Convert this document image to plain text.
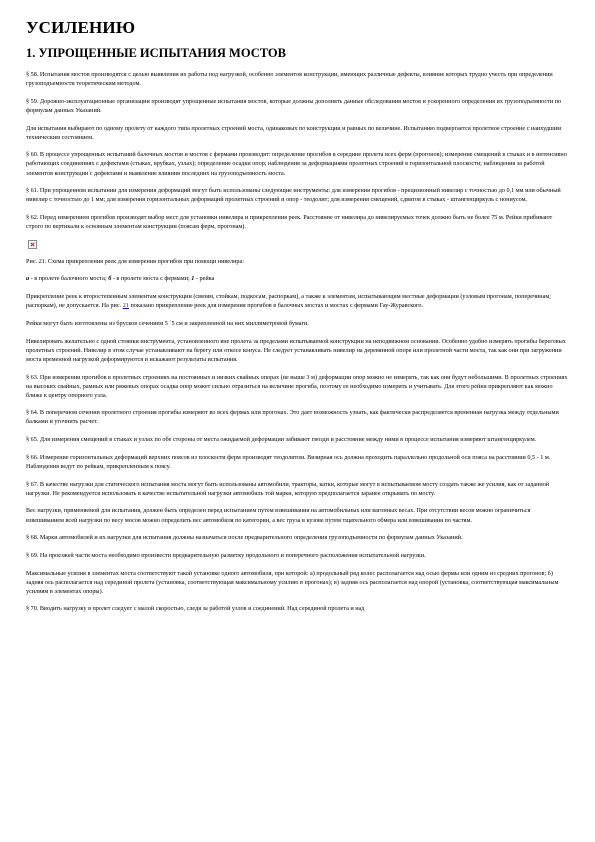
УСИЛЕНИЮ
1. УПРОЩЕННЫЕ ИСПЫТАНИЯ МОСТОВ

§ 58. Испытания мостов производятся с целью выявления их работы под нагрузкой, особенно элементов конструкции, имеющих различные дефекты, влияние которых трудно учесть при определении грузоподъемности теоретическим методом.

§ 59. Дорожно-эксплуатационные организации производят упрощенные испытания мостов, которые должны дополнять данные обследования мостов и ускоренного определения их грузоподъемности по формулам данных Указаний.

Для испытания выбирают по одному пролету от каждого типа пролетных строений моста, одинаковых по конструкции и равных по величине. Испытанию подвергается пролетное строение с наихудшим техническим состоянием.

§ 60. В процессе упрощенных испытаний балочных мостов и мостов с фермами производят: определение прогибов в середине пролета всех ферм (прогонов); измерение смещений в стыках и в интенсивно работающих соединениях с дефектами (стыках, врубках, узлах); определение осадки опор; наблюдения за деформациями пролетных строений в горизонтальной плоскости; наблюдения за работой элементов конструкции с дефектами и выявление влияния последних на грузоподъемность моста.

§ 61. При упрощенном испытании для измерения деформаций могут быть использованы следующие инструменты: для измерения прогибов - прецизионный нивелир с точностью до 0,1 мм или обычный нивелир с точностью до 1 мм; для измерения горизонтальных деформаций пролетных строений и опор - теодолит; для измерения смещений, сдвигов в стыках - штангенциркуль с нониусом.

§ 62. Перед измерением прогибов производят выбор мест для установки нивелира и прикрепления реек. Расстояние от нивелира до нивелируемых точек должно быть не более 75 м. Рейки прибивают строго по вертикали к основным элементам конструкции (поясам ферм, прогонам).

Рис. 21. Схема прикрепления реек для измерения прогибов при помощи нивелира:

а - в пролете балочного моста; б - в пролете моста с фермами; 1 - рейка

Прикрепление реек к второстепенным элементам конструкции (связям, стойкам, подкосам, распоркам), а также к элементам, испытывающим местные деформации (узловым прогонам, поперечинам, распоркам), не допускается. На рис. 21 показано прикрепление реек для измерения прогибов в балочных мостах и мостах с фермами Гау-Журавского.

Рейки могут быть изготовлены из брусков сечением 5 ´5 см и закрепленной на них миллиметровой бумаги.

Нивелировать желательно с одной стоянки инструмента, установленного вне пролета за пределами испытываемой конструкции на неподвижном основании. Особенно удобно измерять прогибы береговых пролетных строений. Нивелир в этом случае устанавливают на берегу или откосе конуса. Не следует устанавливать нивелир на деревянной опоре или пролетной части моста, так как они при загружении моста временной нагрузкой деформируются и искажают результаты испытания.

§ 63. При измерении прогибов в пролетных строениях на постоянных и низких свайных опорах (не выше 3 м) деформации опор можно не измерять, так как они будут небольшими. В пролетных строениях на высоких свайных, рамных или ряжевых опорах осадка опор может сильно отразиться на величине прогиба, поэтому ее необходимо измерить и учитывать. Для этого рейки прикрепляют как можно ближе к центру опорного узла.

§ 64. В поперечном сечении пролетного строения прогибы измеряют во всех фермах или прогонах. Это дает возможность узнать, как фактически распределяется временная нагрузка между отдельными балками и уточнить расчет.

§ 65. Для измерения смещений в стыках и узлах по обе стороны от места ожидаемой деформации забивают гвозди и расстояние между ними в процессе испытания измеряют штангенциркулем.

§ 66. Измерение горизонтальных деформаций верхних поясов из плоскости ферм производят теодолитом. Визирная ось должна проходить параллельно продольной оси пояса на расстоянии 0,5 - 1 м. Наблюдения ведут по рейкам, прикрепленным к поясу.

§ 67. В качестве нагрузки для статического испытания моста могут быть использованы автомобили, тракторы, катки, которые могут в испытываемом мосту создать также же усилия, как от заданной нагрузки. Не рекомендуется использовать в качестве испытательной нагрузки автомобиль той марки, которую предполагается заранее открывать по мосту.

Вес нагрузки, применяемой для испытания, должен быть определен перед испытанием путем взвешивания на автомобильных или вагонных весах. При отсутствии весов можно ограничиться взвешиванием всей нагрузки по весу мосов можно определить вес автомобиля по категории, а вес груза в кузове путем тщательного обмера или взвешивания по частям.

§ 68. Марки автомобилей и их нагрузки для испытания должны назначаться после предварительного определения грузоподъемности по формулам данных Указаний.

§ 69. На проезжей части моста необходимо произвести предварительную разметку продольного и поперечного расположения испытательной нагрузки.

Максимальные усилия в элементах моста соответствуют такой установке одного автомобиля, при которой: а) продольный ряд колес располагается над осью фермы или одним из средних прогонов; б) задняя ось располагается над серединой пролета (установка, соответствующая максимальному усилию в прогонах); в) задняя ось располагается над опорой (установка, соответствующая максимальным усилиям в элементах опоры).

§ 70. Вводить нагрузку в пролет следует с малой скоростью, следя за работой узлов и соединений. Над серединой пролета и над
